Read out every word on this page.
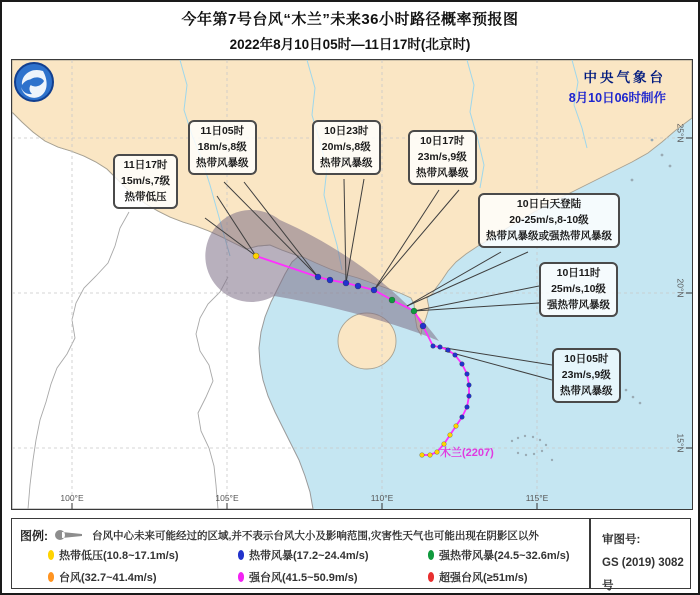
今年第7号台风“木兰”未来36小时路径概率预报图
2022年8月10日05时—11日17时(北京时)
中央气象台
8月10日06时制作
11日17时
15m/s,7级
热带低压
11日05时
18m/s,8级
热带风暴级
10日23时
20m/s,8级
热带风暴级
10日17时
23m/s,9级
热带风暴级
10日白天登陆
20-25m/s,8-10级
热带风暴级或强热带风暴级
10日11时
25m/s,10级
强热带风暴级
10日05时
23m/s,9级
热带风暴级
木兰(2207)
100°E	105°E	110°E	115°E
25°N
20°N
15°N
图例:	台风中心未来可能经过的区域,并不表示台风大小及影响范围,灾害性天气也可能出现在阴影区以外
热带低压(10.8~17.1m/s)	热带风暴(17.2~24.4m/s)	强热带风暴(24.5~32.6m/s)
台风(32.7~41.4m/s)	强台风(41.5~50.9m/s)	超强台风(≥51m/s)
审图号:
GS (2019) 3082号
